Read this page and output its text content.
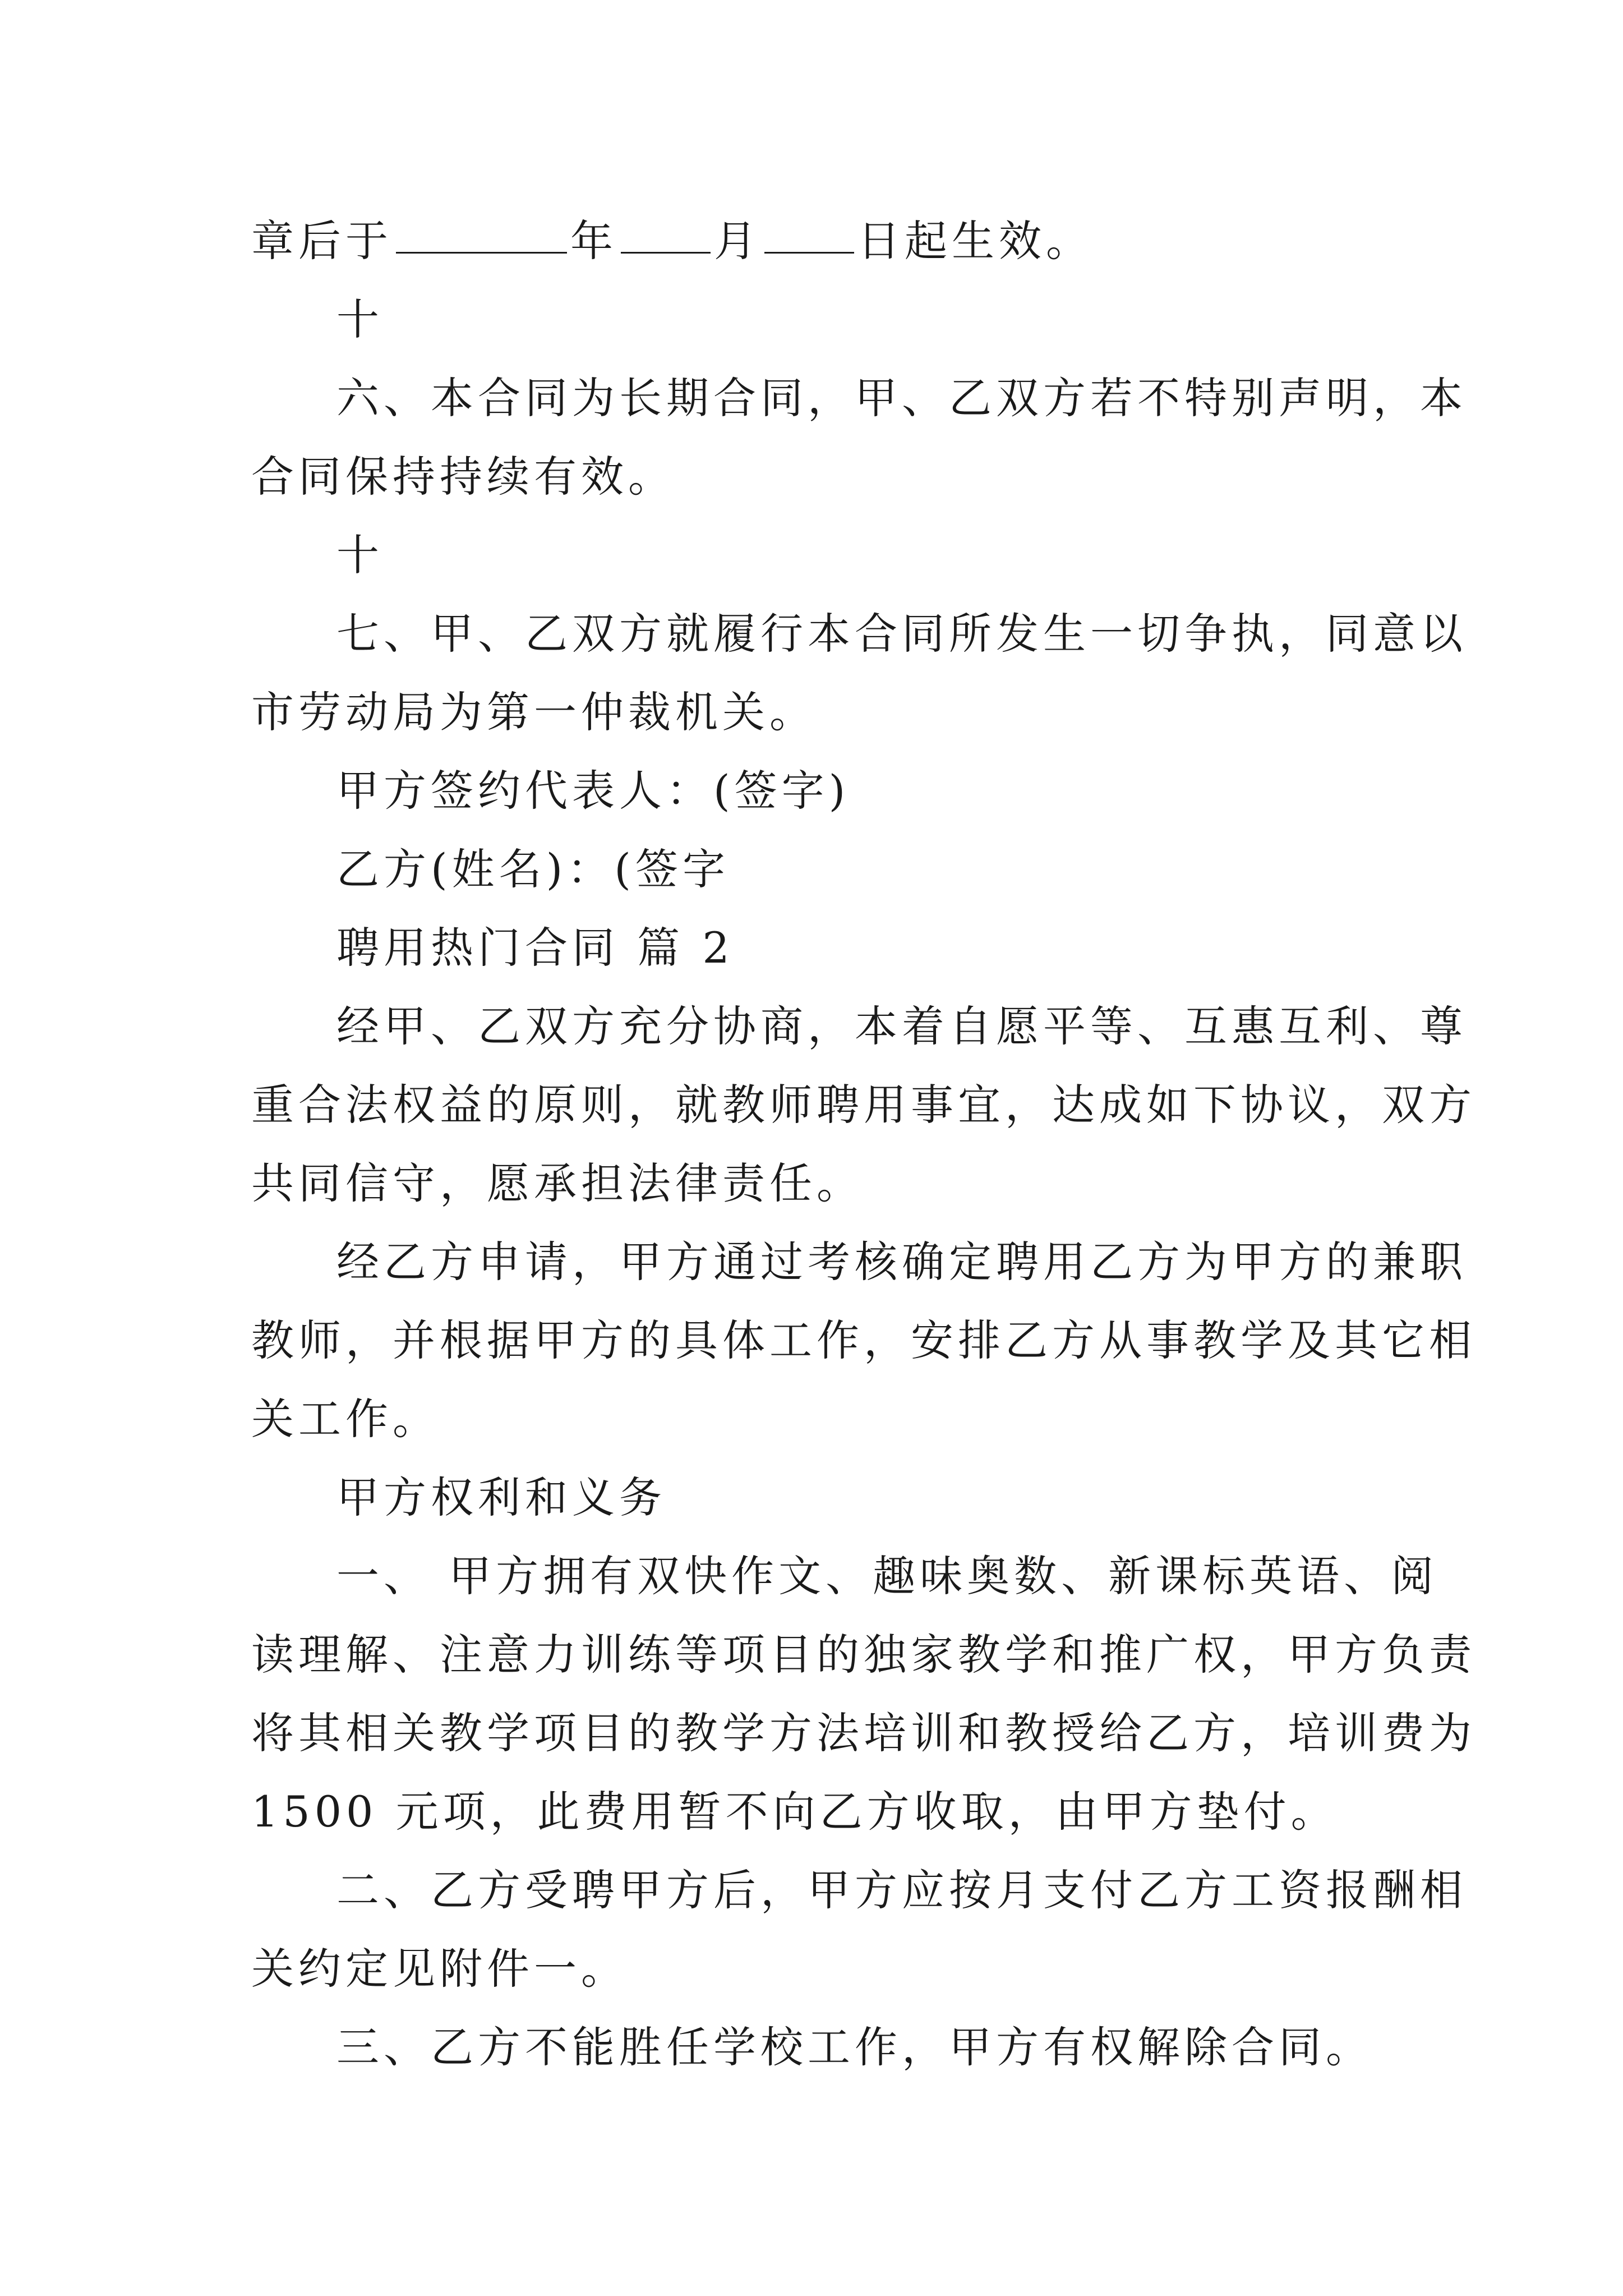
章后于	年 月 日起生效。
十
六、本合同为长期合同，甲、乙双方若不特别声明，本
合同保持持续有效。
十
七、甲、乙双方就履行本合同所发生一切争执，同意以
市劳动局为第一仲裁机关。
甲方签约代表人：(签字)
乙方(姓名)：(签字
聘用热门合同 篇 2
经甲、乙双方充分协商，本着自愿平等、互惠互利、尊
重合法权益的原则，就教师聘用事宜，达成如下协议，双方
共同信守，愿承担法律责任。
经乙方申请，甲方通过考核确定聘用乙方为甲方的兼职
教师，并根据甲方的具体工作，安排乙方从事教学及其它相
关工作。
甲方权利和义务
一、 甲方拥有双快作文、趣味奥数、新课标英语、阅
读理解、注意力训练等项目的独家教学和推广权，甲方负责
将其相关教学项目的教学方法培训和教授给乙方，培训费为
1500 元项，此费用暂不向乙方收取，由甲方垫付。
二、乙方受聘甲方后，甲方应按月支付乙方工资报酬相
关约定见附件一。
三、乙方不能胜任学校工作，甲方有权解除合同。
